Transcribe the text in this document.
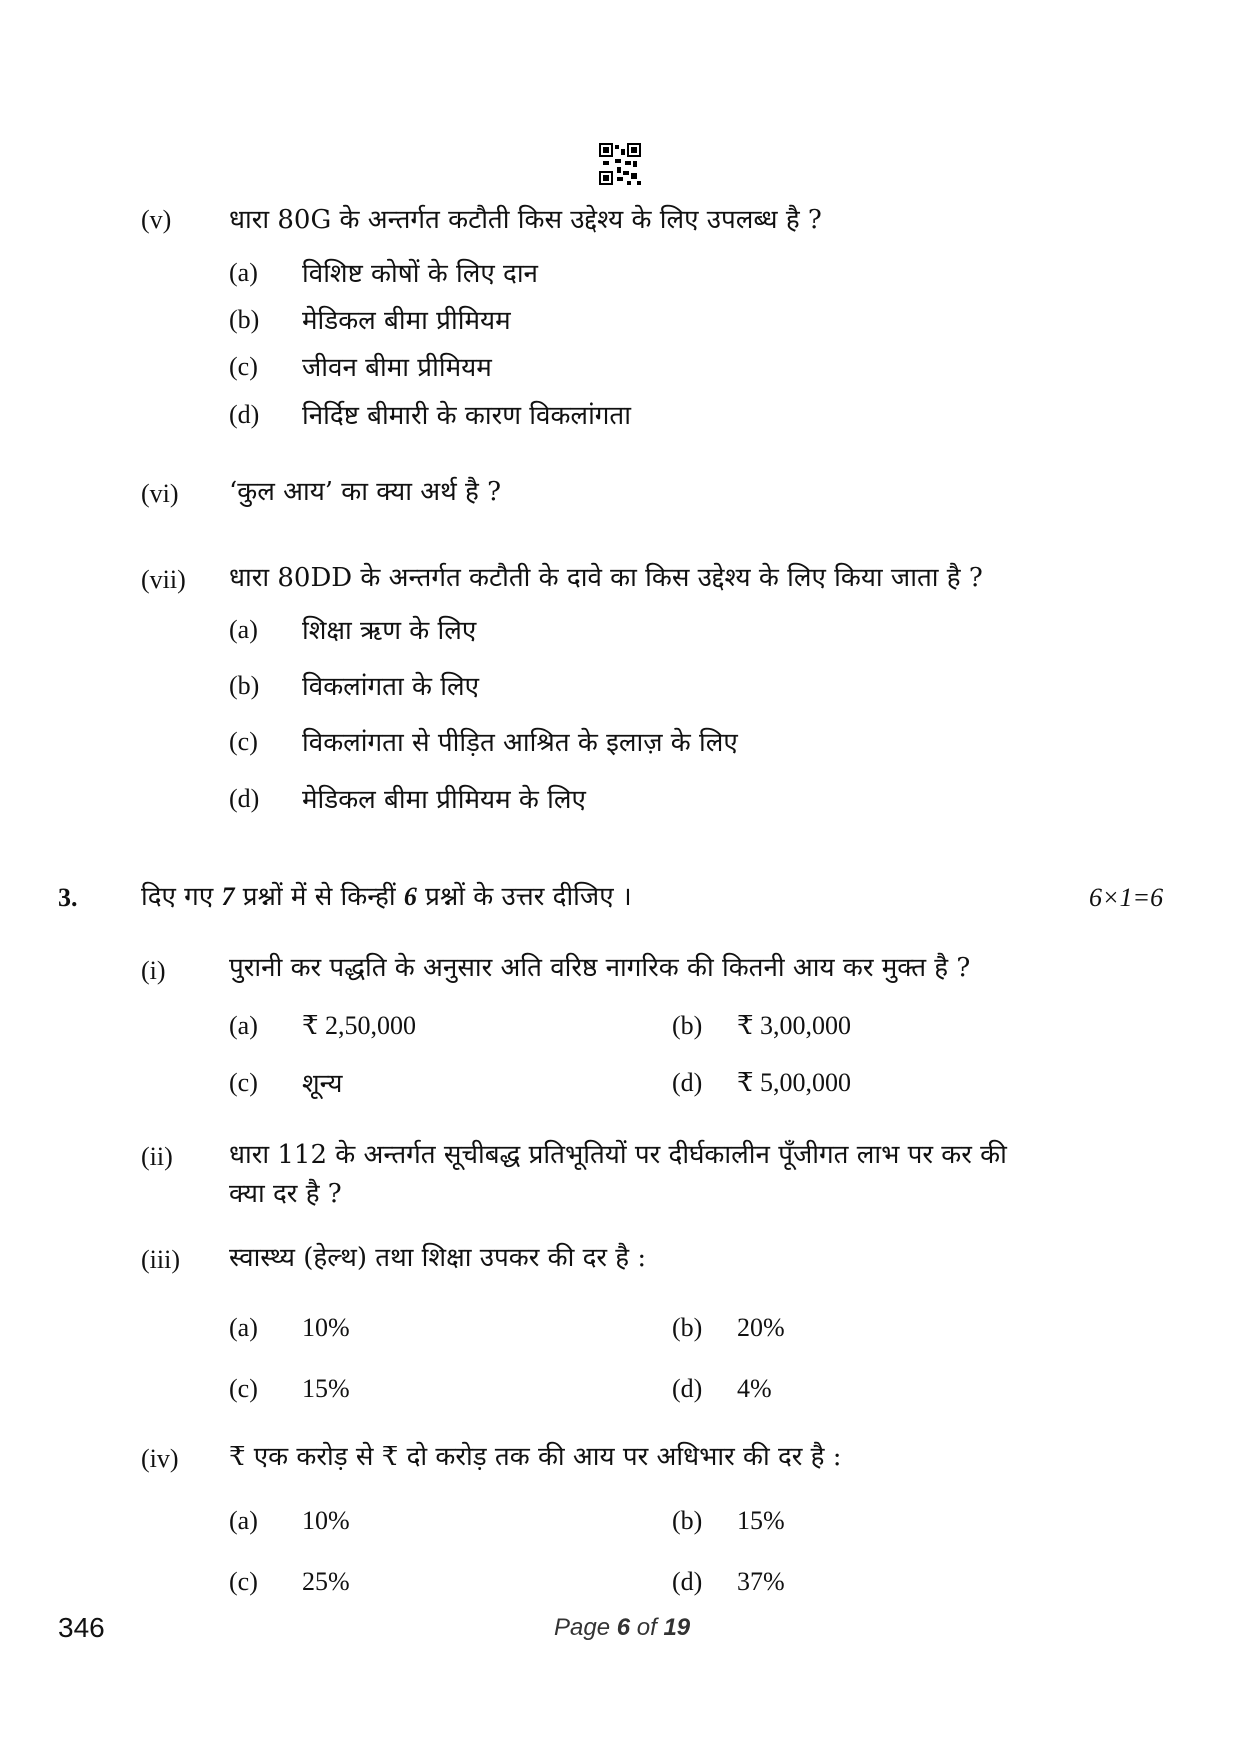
(v) धारा 80G के अन्तर्गत कटौती किस उद्देश्य के लिए उपलब्ध है ?
(a) विशिष्ट कोषों के लिए दान
(b) मेडिकल बीमा प्रीमियम
(c) जीवन बीमा प्रीमियम
(d) निर्दिष्ट बीमारी के कारण विकलांगता
(vi) ‘कुल आय’ का क्या अर्थ है ?
(vii) धारा 80DD के अन्तर्गत कटौती के दावे का किस उद्देश्य के लिए किया जाता है ?
(a) शिक्षा ऋण के लिए
(b) विकलांगता के लिए
(c) विकलांगता से पीड़ित आश्रित के इलाज़ के लिए
(d) मेडिकल बीमा प्रीमियम के लिए
3. दिए गए 7 प्रश्नों में से किन्हीं 6 प्रश्नों के उत्तर दीजिए ।	6×1=6
(i) पुरानी कर पद्धति के अनुसार अति वरिष्ठ नागरिक की कितनी आय कर मुक्त है ?
(a) ₹ 2,50,000	(b) ₹ 3,00,000
(c) शून्य	(d) ₹ 5,00,000
(ii) धारा 112 के अन्तर्गत सूचीबद्ध प्रतिभूतियों पर दीर्घकालीन पूँजीगत लाभ पर कर की
क्या दर है ?
(iii) स्वास्थ्य (हेल्थ) तथा शिक्षा उपकर की दर है :
(a) 10%	(b) 20%
(c) 15%	(d) 4%
(iv) ₹ एक करोड़ से ₹ दो करोड़ तक की आय पर अधिभार की दर है :
(a) 10%	(b) 15%
(c) 25%	(d) 37%
346	Page 6 of 19
